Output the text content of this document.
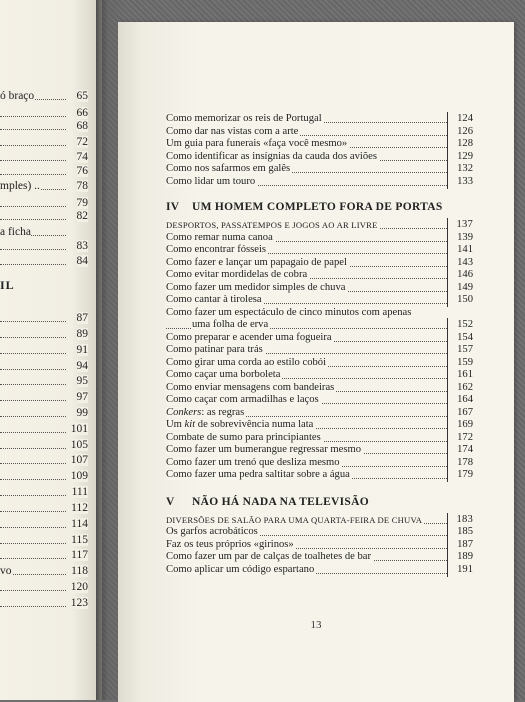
ó braço	65
66
68
72
74
76
mples) ..	78
79
82
a ficha
83
84
IL
87
89
91
94
95
97
99
101
105
107
109
111
112
114
115
117
vo	118
120
123
Como memorizar os reis de Portugal	124
Como dar nas vistas com a arte	126
Um guia para funerais «faça você mesmo»	128
Como identificar as insígnias da cauda dos aviões	129
Como nos safarmos em galês	132
Como lidar um touro	133
IV UM HOMEM COMPLETO FORA DE PORTAS
DESPORTOS, PASSATEMPOS E JOGOS AO AR LIVRE	137
Como remar numa canoa	139
Como encontrar fósseis	141
Como fazer e lançar um papagaio de papel	143
Como evitar mordidelas de cobra	146
Como fazer um medidor simples de chuva	149
Como cantar à tirolesa	150
Como fazer um espectáculo de cinco minutos com apenas
uma folha de erva	152
Como preparar e acender uma fogueira	154
Como patinar para trás	157
Como girar uma corda ao estilo cobói	159
Como caçar uma borboleta	161
Como enviar mensagens com bandeiras	162
Como caçar com armadilhas e laços	164
Conkers: as regras	167
Um kit de sobrevivência numa lata	169
Combate de sumo para principiantes	172
Como fazer um bumerangue regressar mesmo	174
Como fazer um trenó que desliza mesmo	178
Como fazer uma pedra saltitar sobre a água	179
V NÃO HÁ NADA NA TELEVISÃO
DIVERSÕES DE SALÃO PARA UMA QUARTA-FEIRA DE CHUVA	183
Os garfos acrobáticos	185
Faz os teus próprios «girinos»	187
Como fazer um par de calças de toalhetes de bar	189
Como aplicar um código espartano	191
13
